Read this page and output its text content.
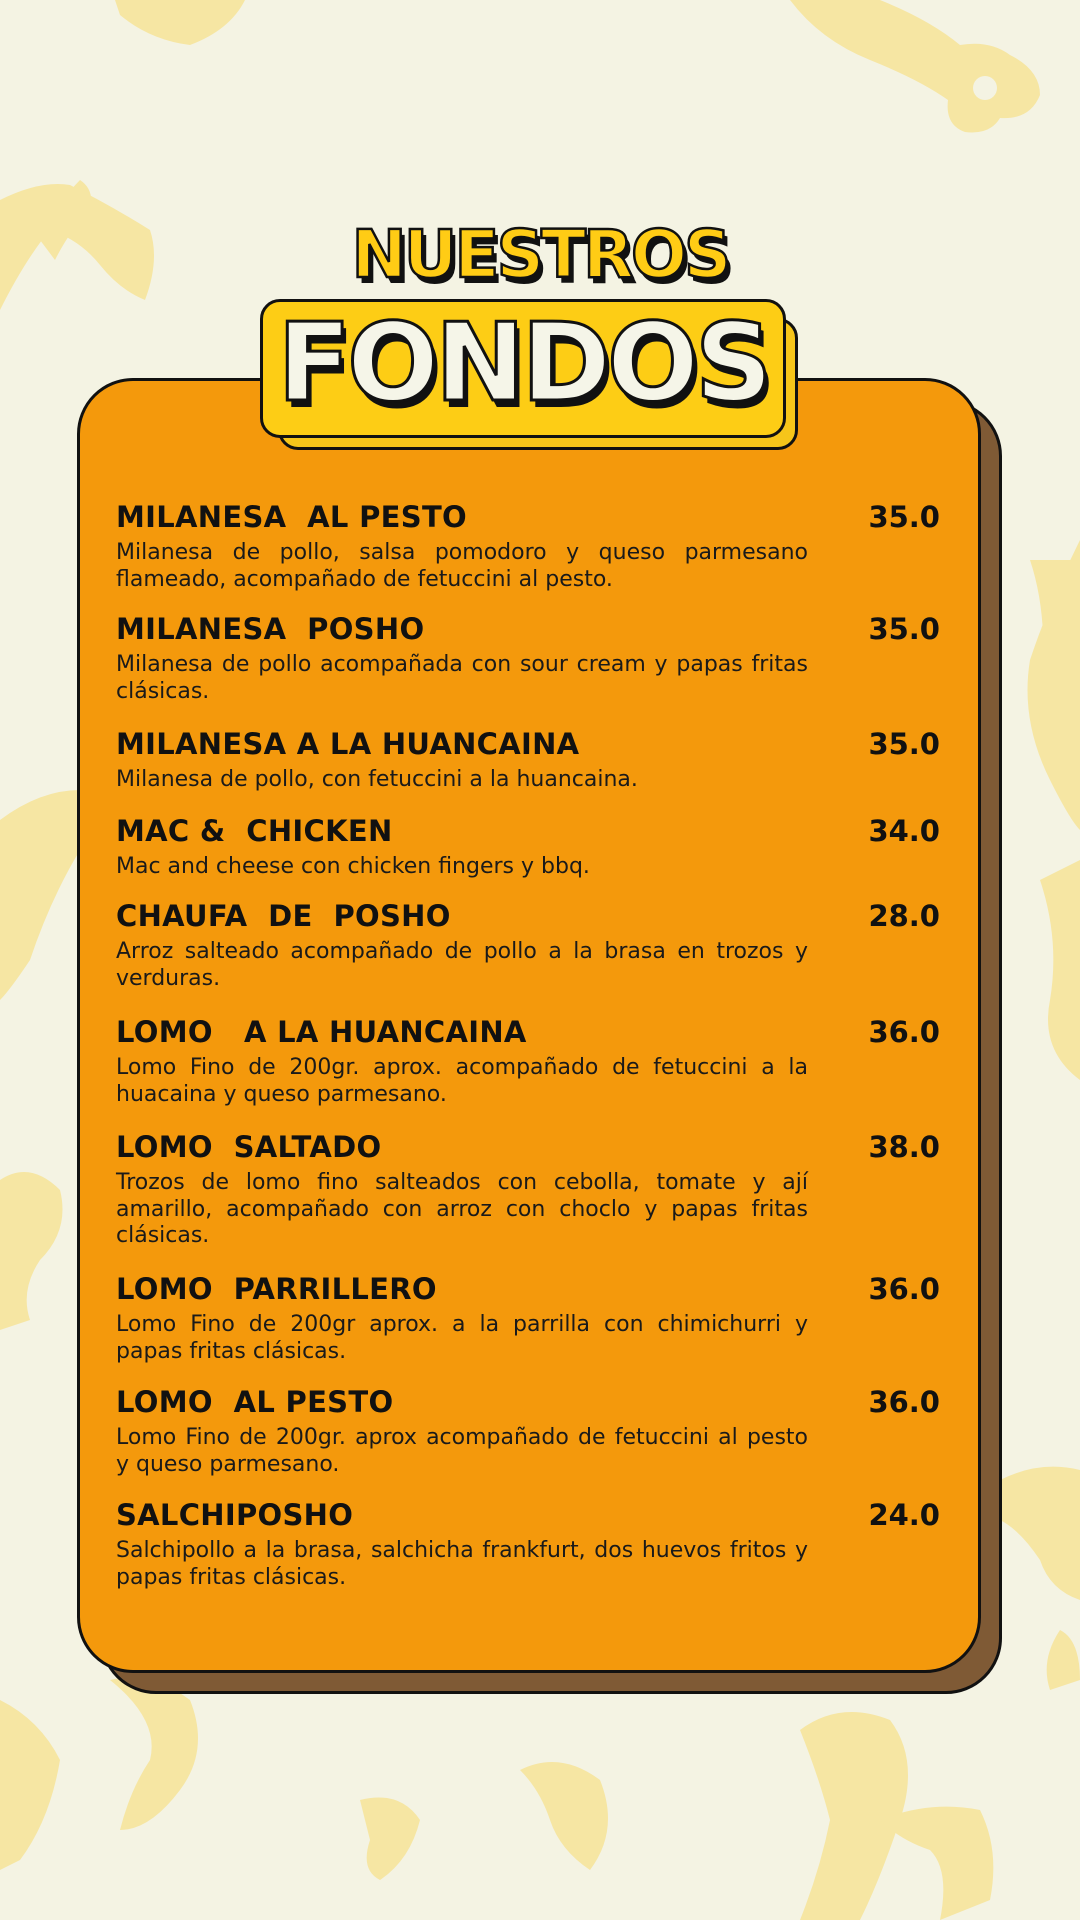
NUESTROS
FONDOS
MILANESA  AL PESTO	35.0
Milanesa de pollo, salsa pomodoro y queso parmesano flameado, acompañado de fetuccini al pesto.
MILANESA  POSHO	35.0
Milanesa de pollo acompañada con sour cream y papas fritas clásicas.
MILANESA A LA HUANCAINA	35.0
Milanesa de pollo, con fetuccini a la huancaina.
MAC &  CHICKEN	34.0
Mac and cheese con chicken fingers y bbq.
CHAUFA  DE  POSHO	28.0
Arroz salteado acompañado de pollo a la brasa en trozos y verduras.
LOMO   A LA HUANCAINA	36.0
Lomo Fino de 200gr. aprox. acompañado de fetuccini a la huacaina y queso parmesano.
LOMO  SALTADO	38.0
Trozos de lomo fino salteados con cebolla, tomate y ají amarillo, acompañado con arroz con choclo y papas fritas clásicas.
LOMO  PARRILLERO	36.0
Lomo Fino de 200gr aprox. a la parrilla con chimichurri y papas fritas clásicas.
LOMO  AL PESTO	36.0
Lomo Fino de 200gr. aprox acompañado de fetuccini al pesto y queso parmesano.
SALCHIPOSHO	24.0
Salchipollo a la brasa, salchicha frankfurt, dos huevos fritos y papas fritas clásicas.
